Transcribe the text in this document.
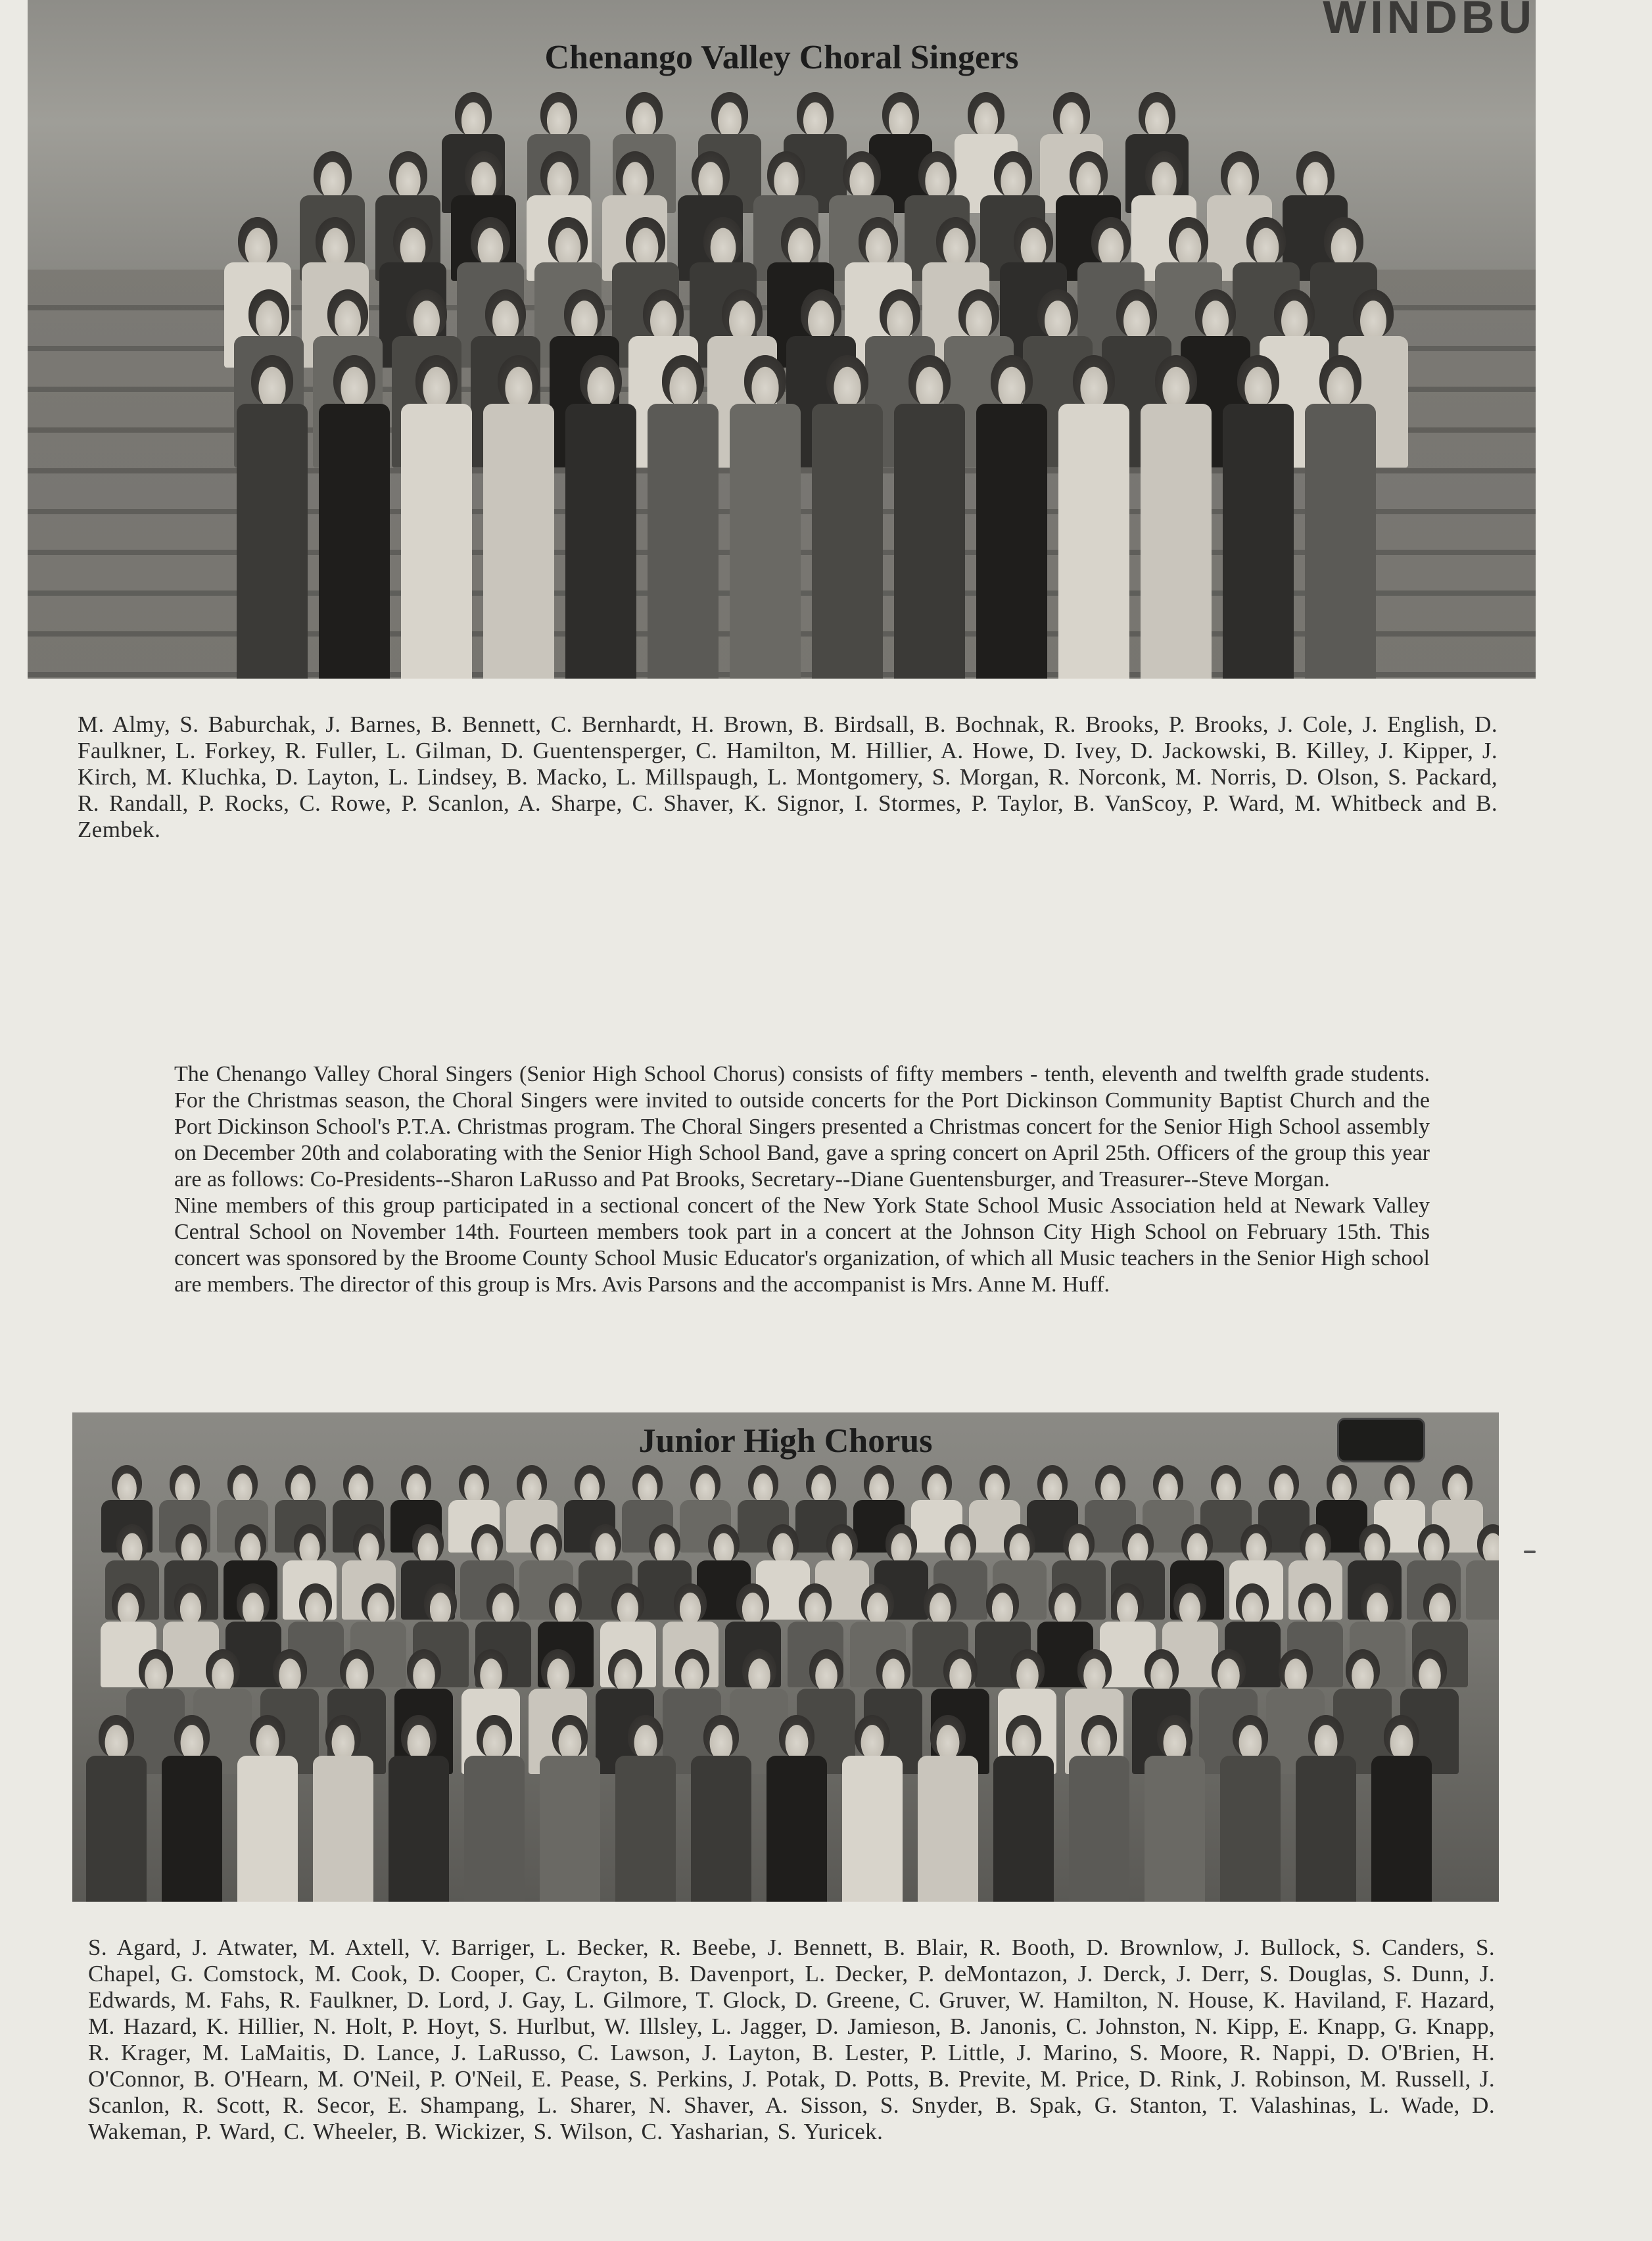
WINDBU
Chenango Valley Choral Singers
M. Almy, S. Baburchak, J. Barnes, B. Bennett, C. Bernhardt, H. Brown, B. Birdsall, B. Bochnak, R. Brooks, P. Brooks, J. Cole, J. English, D. Faulkner, L. Forkey, R. Fuller, L. Gilman, D. Guentensperger, C. Hamilton, M. Hillier, A. Howe, D. Ivey, D. Jackowski, B. Killey, J. Kipper, J. Kirch, M. Kluchka, D. Layton, L. Lindsey, B. Macko, L. Millspaugh, L. Montgomery, S. Morgan, R. Norconk, M. Norris, D. Olson, S. Packard, R. Randall, P. Rocks, C. Rowe, P. Scanlon, A. Sharpe, C. Shaver, K. Signor, I. Stormes, P. Taylor, B. VanScoy, P. Ward, M. Whitbeck and B. Zembek.

The Chenango Valley Choral Singers (Senior High School Chorus) consists of fifty members - tenth, eleventh and twelfth grade students. For the Christmas season, the Choral Singers were invited to outside concerts for the Port Dickinson Community Baptist Church and the Port Dickinson School's P.T.A. Christmas program. The Choral Singers presented a Christmas concert for the Senior High School assembly on December 20th and colaborating with the Senior High School Band, gave a spring concert on April 25th. Officers of the group this year are as follows: Co-Presidents--Sharon LaRusso and Pat Brooks, Secretary--Diane Guentensburger, and Treasurer--Steve Morgan.

Nine members of this group participated in a sectional concert of the New York State School Music Association held at Newark Valley Central School on November 14th. Fourteen members took part in a concert at the Johnson City High School on February 15th. This concert was sponsored by the Broome County School Music Educator's organization, of which all Music teachers in the Senior High school are members. The director of this group is Mrs. Avis Parsons and the accompanist is Mrs. Anne M. Huff.

Junior High Chorus
S. Agard, J. Atwater, M. Axtell, V. Barriger, L. Becker, R. Beebe, J. Bennett, B. Blair, R. Booth, D. Brownlow, J. Bullock, S. Canders, S. Chapel, G. Comstock, M. Cook, D. Cooper, C. Crayton, B. Davenport, L. Decker, P. deMontazon, J. Derck, J. Derr, S. Douglas, S. Dunn, J. Edwards, M. Fahs, R. Faulkner, D. Lord, J. Gay, L. Gilmore, T. Glock, D. Greene, C. Gruver, W. Hamilton, N. House, K. Haviland, F. Hazard, M. Hazard, K. Hillier, N. Holt, P. Hoyt, S. Hurlbut, W. Illsley, L. Jagger, D. Jamieson, B. Janonis, C. Johnston, N. Kipp, E. Knapp, G. Knapp, R. Krager, M. LaMaitis, D. Lance, J. LaRusso, C. Lawson, J. Layton, B. Lester, P. Little, J. Marino, S. Moore, R. Nappi, D. O'Brien, H. O'Connor, B. O'Hearn, M. O'Neil, P. O'Neil, E. Pease, S. Perkins, J. Potak, D. Potts, B. Previte, M. Price, D. Rink, J. Robinson, M. Russell, J. Scanlon, R. Scott, R. Secor, E. Shampang, L. Sharer, N. Shaver, A. Sisson, S. Snyder, B. Spak, G. Stanton, T. Valashinas, L. Wade, D. Wakeman, P. Ward, C. Wheeler, B. Wickizer, S. Wilson, C. Yasharian, S. Yuricek.
